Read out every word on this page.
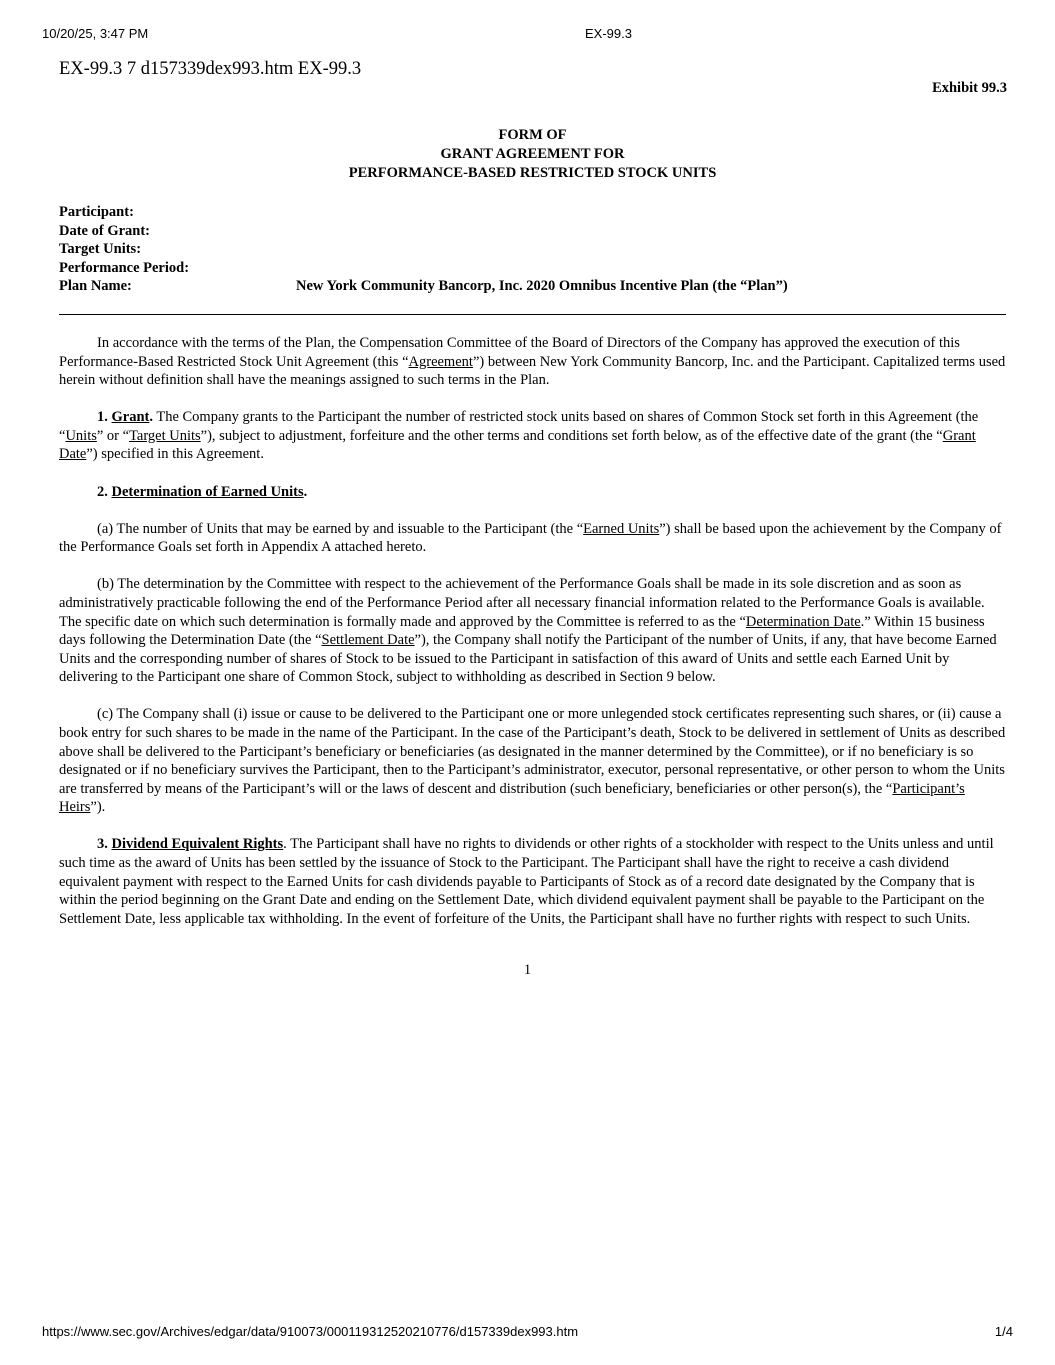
10/20/25, 3:47 PM	EX-99.3
EX-99.3 7 d157339dex993.htm EX-99.3
Exhibit 99.3
FORM OF
GRANT AGREEMENT FOR
PERFORMANCE-BASED RESTRICTED STOCK UNITS
Participant:
Date of Grant:
Target Units:
Performance Period:
Plan Name:	New York Community Bancorp, Inc. 2020 Omnibus Incentive Plan (the “Plan”)

In accordance with the terms of the Plan, the Compensation Committee of the Board of Directors of the Company has approved the execution of this Performance-Based Restricted Stock Unit Agreement (this “Agreement”) between New York Community Bancorp, Inc. and the Participant. Capitalized terms used herein without definition shall have the meanings assigned to such terms in the Plan.

1. Grant. The Company grants to the Participant the number of restricted stock units based on shares of Common Stock set forth in this Agreement (the “Units” or “Target Units”), subject to adjustment, forfeiture and the other terms and conditions set forth below, as of the effective date of the grant (the “Grant Date”) specified in this Agreement.

2. Determination of Earned Units.

(a) The number of Units that may be earned by and issuable to the Participant (the “Earned Units”) shall be based upon the achievement by the Company of the Performance Goals set forth in Appendix A attached hereto.

(b) The determination by the Committee with respect to the achievement of the Performance Goals shall be made in its sole discretion and as soon as administratively practicable following the end of the Performance Period after all necessary financial information related to the Performance Goals is available. The specific date on which such determination is formally made and approved by the Committee is referred to as the “Determination Date.” Within 15 business days following the Determination Date (the “Settlement Date”), the Company shall notify the Participant of the number of Units, if any, that have become Earned Units and the corresponding number of shares of Stock to be issued to the Participant in satisfaction of this award of Units and settle each Earned Unit by delivering to the Participant one share of Common Stock, subject to withholding as described in Section 9 below.

(c) The Company shall (i) issue or cause to be delivered to the Participant one or more unlegended stock certificates representing such shares, or (ii) cause a book entry for such shares to be made in the name of the Participant. In the case of the Participant’s death, Stock to be delivered in settlement of Units as described above shall be delivered to the Participant’s beneficiary or beneficiaries (as designated in the manner determined by the Committee), or if no beneficiary is so designated or if no beneficiary survives the Participant, then to the Participant’s administrator, executor, personal representative, or other person to whom the Units are transferred by means of the Participant’s will or the laws of descent and distribution (such beneficiary, beneficiaries or other person(s), the “Participant’s Heirs”).

3. Dividend Equivalent Rights. The Participant shall have no rights to dividends or other rights of a stockholder with respect to the Units unless and until such time as the award of Units has been settled by the issuance of Stock to the Participant. The Participant shall have the right to receive a cash dividend equivalent payment with respect to the Earned Units for cash dividends payable to Participants of Stock as of a record date designated by the Company that is within the period beginning on the Grant Date and ending on the Settlement Date, which dividend equivalent payment shall be payable to the Participant on the Settlement Date, less applicable tax withholding. In the event of forfeiture of the Units, the Participant shall have no further rights with respect to such Units.

1
https://www.sec.gov/Archives/edgar/data/910073/000119312520210776/d157339dex993.htm	1/4
